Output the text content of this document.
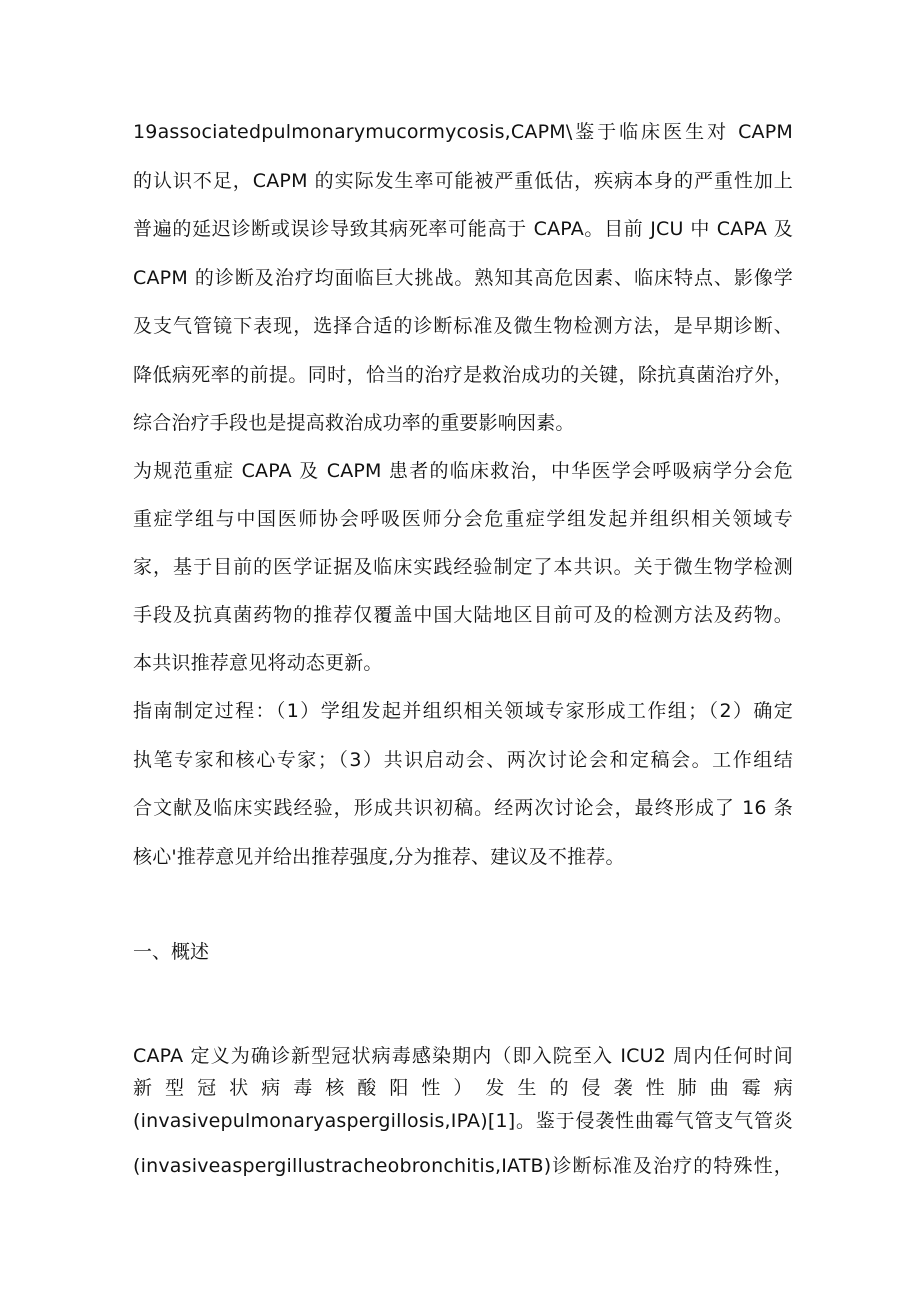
19associatedpulmonarymucormycosis,CAPM\鉴于临床医生对 CAPM
的认识不足，CAPM 的实际发生率可能被严重低估，疾病本身的严重性加上
普遍的延迟诊断或误诊导致其病死率可能高于 CAPA。目前 JCU 中 CAPA 及
CAPM 的诊断及治疗均面临巨大挑战。熟知其高危因素、临床特点、影像学
及支气管镜下表现，选择合适的诊断标准及微生物检测方法，是早期诊断、
降低病死率的前提。同时，恰当的治疗是救治成功的关键，除抗真菌治疗外，
综合治疗手段也是提高救治成功率的重要影响因素。
为规范重症 CAPA 及 CAPM 患者的临床救治，中华医学会呼吸病学分会危
重症学组与中国医师协会呼吸医师分会危重症学组发起并组织相关领域专
家，基于目前的医学证据及临床实践经验制定了本共识。关于微生物学检测
手段及抗真菌药物的推荐仅覆盖中国大陆地区目前可及的检测方法及药物。
本共识推荐意见将动态更新。
指南制定过程：（1）学组发起并组织相关领域专家形成工作组；（2）确定
执笔专家和核心专家；（3）共识启动会、两次讨论会和定稿会。工作组结
合文献及临床实践经验，形成共识初稿。经两次讨论会，最终形成了 16 条
核心'推荐意见并给出推荐强度,分为推荐、建议及不推荐。
一、概述
CAPA 定义为确诊新型冠状病毒感染期内（即入院至入 ICU2 周内任何时间
新 型 冠 状 病 毒 核 酸 阳 性 ） 发 生 的 侵 袭 性 肺 曲 霉 病
(invasivepulmonaryaspergillosis,IPA)[1]。鉴于侵袭性曲霉气管支气管炎
(invasiveaspergillustracheobronchitis,IATB)诊断标准及治疗的特殊性，
